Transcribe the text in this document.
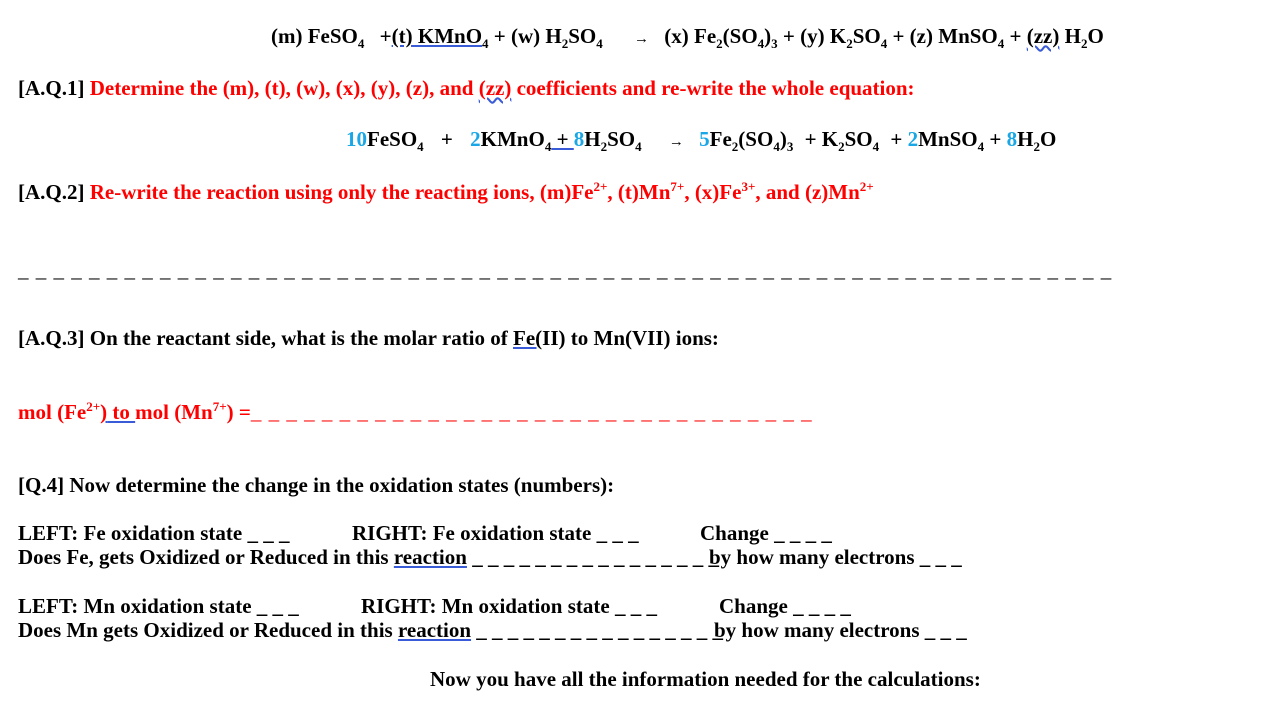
(m) FeSO$_4$ +(t) KMnO$_4$ + (w) $H_2SO_4 \to (x) Fe_2(SO_4)_3 + (y) K_2SO_4 + (z)$ MnSO$_4$ + (zz) $H_2O$
[A.Q.1] Determine the (m), (t), (w), (x), (y), (z), and (zz) coefficients and re-write the whole equation:
10FeSO$_4$ + 2KMnO$_4$ + $8H_2SO_4 \to 5Fe_2(SO_4)_3 + K_2SO_4$ + 2MnSO$_4$ + $8H_2O$
[A.Q.2] Re-write the reaction using only the reacting ions, $(m)Fe^{2+}$, $(t)Mn^{7+}$, $(x)Fe^{3+}$, and $(z)Mn^{2+}$
_ _ _ _ _ _ _ _ _ _ _ _ _ _ _ _ _ _ _ _ _ _ _ _ _ _ _ _ _ _ _ _ _ _ _ _ _ _ _ _ _ _ _ _ _ _ _ _ _ _ _ _ _ _ _ _ _ _ _ _ _ _
[A.Q.3] On the reactant side, what is the molar ratio of Fe(II) to Mn(VII) ions:
mol $(Fe^{2+})$ to mol $(Mn^{7+})$ =_ _ _ _ _ _ _ _ _ _ _ _ _ _ _ _ _ _ _ _ _ _ _ _ _ _ _ _ _ _ _ _
[Q.4] Now determine the change in the oxidation states (numbers):
LEFT: Fe oxidation state _ _ _	RIGHT: Fe oxidation state _ _ _	Change _ _ _ _
Does Fe, gets Oxidized or Reduced in this reaction _ _ _ _ _ _ _ _ _ _ _ _ _ _ _ _
by how many electrons _ _ _
LEFT: Mn oxidation state _ _ _	RIGHT: Mn oxidation state _ _ _	Change _ _ _ _
Does Mn gets Oxidized or Reduced in this reaction _ _ _ _ _ _ _ _ _ _ _ _ _ _ _ _
by how many electrons _ _ _
Now you have all the information needed for the calculations:
